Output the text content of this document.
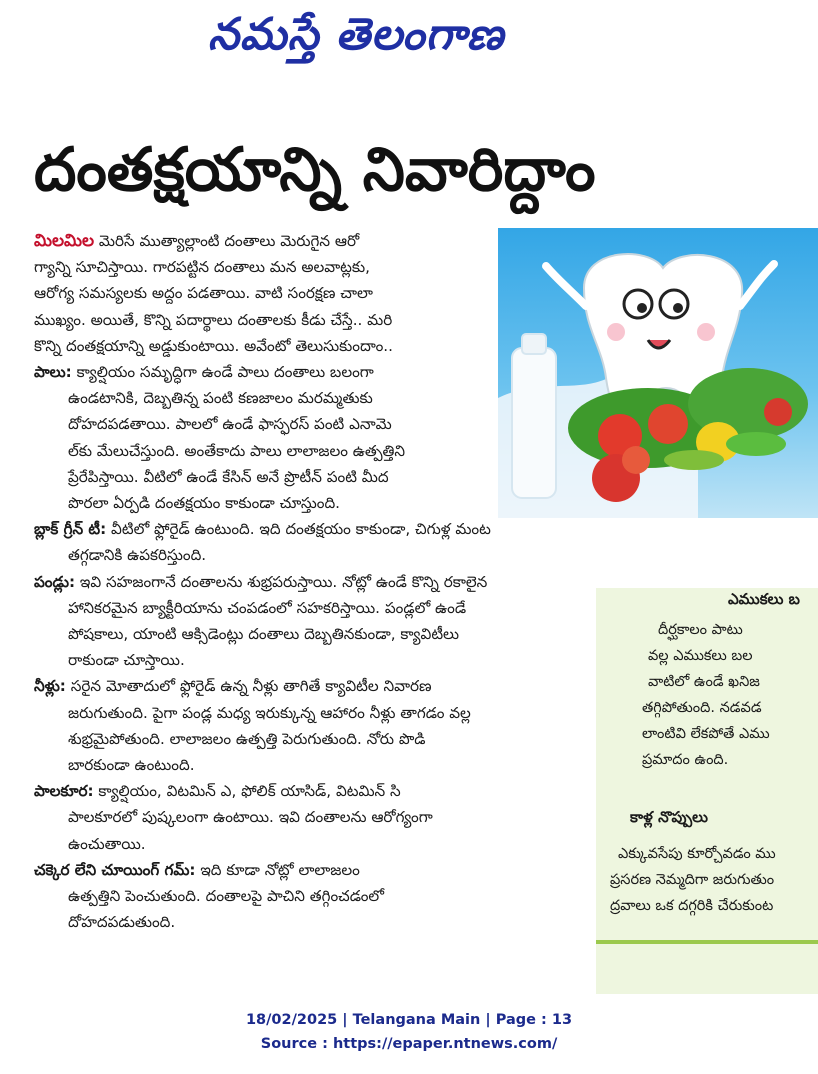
నమస్తే తెలంగాణ
దంతక్షయాన్ని నివారిద్దాం
మిలమిల మెరిసే ముత్యాల్లాంటి దంతాలు మెరుగైన ఆరో
గ్యాన్ని సూచిస్తాయి. గారపట్టిన దంతాలు మన అలవాట్లకు,
ఆరోగ్య సమస్యలకు అద్దం పడతాయి. వాటి సంరక్షణ చాలా
ముఖ్యం. అయితే, కొన్ని పదార్థాలు దంతాలకు కీడు చేస్తే.. మరి
కొన్ని దంతక్షయాన్ని అడ్డుకుంటాయి. అవేంటో తెలుసుకుందాం..
పాలు: క్యాల్షియం సమృద్ధిగా ఉండే పాలు దంతాలు బలంగా
ఉండటానికి, దెబ్బతిన్న పంటి కణజాలం మరమ్మతుకు
దోహదపడతాయి. పాలలో ఉండే ఫాస్ఫరస్ పంటి ఎనామె
ల్‌కు మేలుచేస్తుంది. అంతేకాదు పాలు లాలాజలం ఉత్పత్తిని
ప్రేరేపిస్తాయి. వీటిలో ఉండే కేసిన్ అనే ప్రొటీన్ పంటి మీద
పొరలా ఏర్పడి దంతక్షయం కాకుండా చూస్తుంది.
బ్లాక్ గ్రీన్ టీ: వీటిలో ఫ్లోరైడ్ ఉంటుంది. ఇది దంతక్షయం కాకుండా, చిగుళ్ల మంట
తగ్గడానికి ఉపకరిస్తుంది.
పండ్లు: ఇవి సహజంగానే దంతాలను శుభ్రపరుస్తాయి. నోట్లో ఉండే కొన్ని రకాలైన
హానికరమైన బ్యాక్టీరియాను చంపడంలో సహకరిస్తాయి. పండ్లలో ఉండే
పోషకాలు, యాంటి ఆక్సిడెంట్లు దంతాలు దెబ్బతినకుండా, క్యావిటీలు
రాకుండా చూస్తాయి.
నీళ్లు: సరైన మోతాదులో ఫ్లోరైడ్ ఉన్న నీళ్లు తాగితే క్యావిటీల నివారణ
జరుగుతుంది. పైగా పండ్ల మధ్య ఇరుక్కున్న ఆహారం నీళ్లు తాగడం వల్ల
శుభ్రమైపోతుంది. లాలాజలం ఉత్పత్తి పెరుగుతుంది. నోరు పొడి
బారకుండా ఉంటుంది.
పాలకూర: క్యాల్షియం, విటమిన్ ఎ, ఫోలిక్ యాసిడ్, విటమిన్ సి
పాలకూరలో పుష్కలంగా ఉంటాయి. ఇవి దంతాలను ఆరోగ్యంగా
ఉంచుతాయి.
చక్కెర లేని చూయింగ్ గమ్: ఇది కూడా నోట్లో లాలాజలం
ఉత్పత్తిని పెంచుతుంది. దంతాలపై పాచిని తగ్గించడంలో
దోహదపడుతుంది.
ఎముకలు బ
దీర్ఘకాలం పాటు
వల్ల ఎముకలు బల
వాటిలో ఉండే ఖనిజ
తగ్గిపోతుంది. నడవడ
లాంటివి లేకపోతే ఎము
ప్రమాదం ఉంది.
కాళ్ల నొప్పులు
ఎక్కువసేపు కూర్చోవడం ము
ప్రసరణ నెమ్మదిగా జరుగుతుం
ద్రవాలు ఒక దగ్గరికి చేరుకుంట
18/02/2025 | Telangana Main | Page : 13
Source : https://epaper.ntnews.com/
